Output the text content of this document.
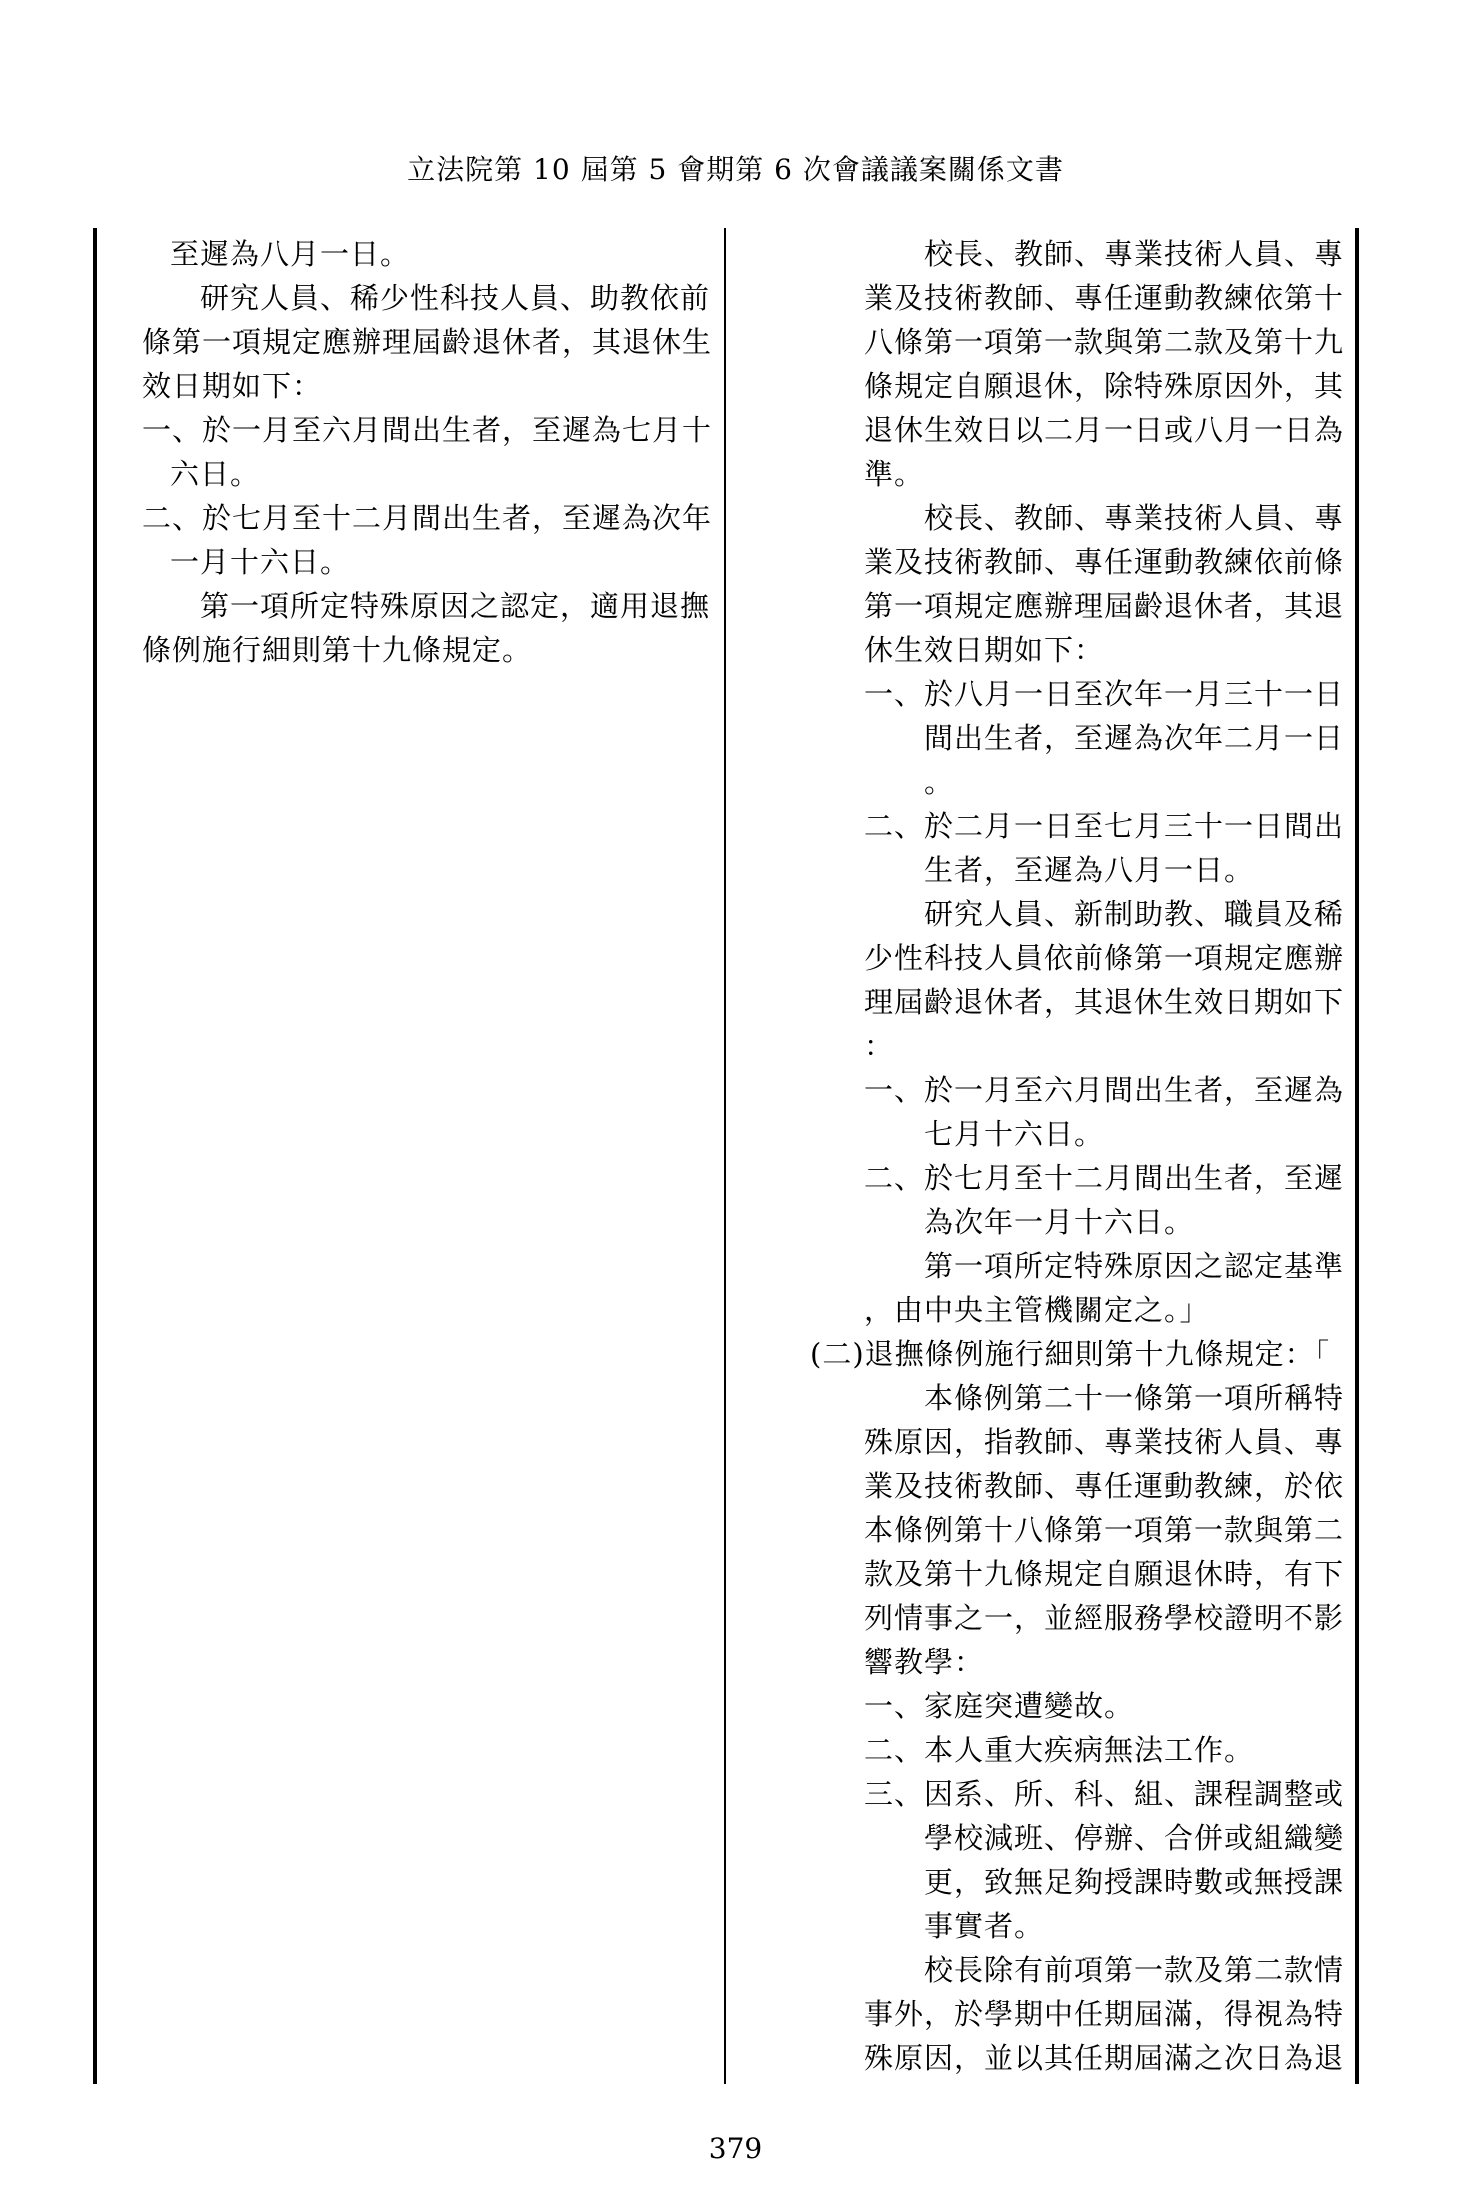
立法院第 10 屆第 5 會期第 6 次會議議案關係文書
至遲為八月一日。
研究人員、稀少性科技人員、助教依前
條第一項規定應辦理屆齡退休者，其退休生
效日期如下：
一、於一月至六月間出生者，至遲為七月十
六日。
二、於七月至十二月間出生者，至遲為次年
一月十六日。
第一項所定特殊原因之認定，適用退撫
條例施行細則第十九條規定。
校長、教師、專業技術人員、專
業及技術教師、專任運動教練依第十
八條第一項第一款與第二款及第十九
條規定自願退休，除特殊原因外，其
退休生效日以二月一日或八月一日為
準。
校長、教師、專業技術人員、專
業及技術教師、專任運動教練依前條
第一項規定應辦理屆齡退休者，其退
休生效日期如下：
一、於八月一日至次年一月三十一日
間出生者，至遲為次年二月一日
。
二、於二月一日至七月三十一日間出
生者，至遲為八月一日。
研究人員、新制助教、職員及稀
少性科技人員依前條第一項規定應辦
理屆齡退休者，其退休生效日期如下
：
一、於一月至六月間出生者，至遲為
七月十六日。
二、於七月至十二月間出生者，至遲
為次年一月十六日。
第一項所定特殊原因之認定基準
，由中央主管機關定之。」
(二)退撫條例施行細則第十九條規定：「
本條例第二十一條第一項所稱特
殊原因，指教師、專業技術人員、專
業及技術教師、專任運動教練，於依
本條例第十八條第一項第一款與第二
款及第十九條規定自願退休時，有下
列情事之一，並經服務學校證明不影
響教學：
一、家庭突遭變故。
二、本人重大疾病無法工作。
三、因系、所、科、組、課程調整或
學校減班、停辦、合併或組織變
更，致無足夠授課時數或無授課
事實者。
校長除有前項第一款及第二款情
事外，於學期中任期屆滿，得視為特
殊原因，並以其任期屆滿之次日為退
379
